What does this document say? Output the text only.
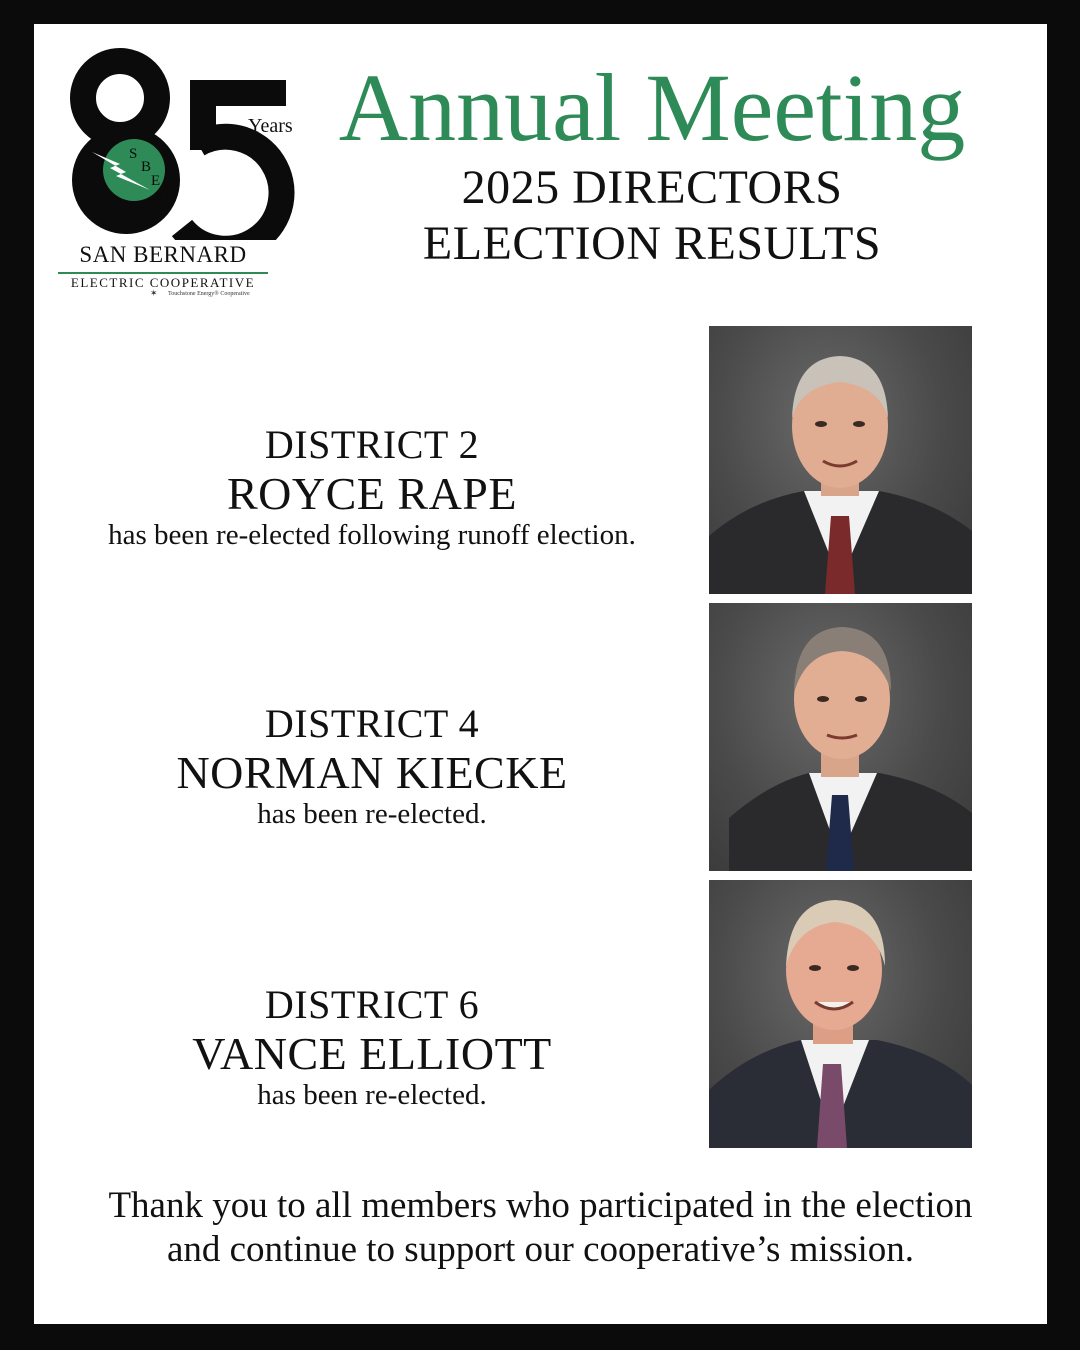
S
B
E
C
Years
SAN BERNARD
ELECTRIC COOPERATIVE
✶ Touchstone Energy® Cooperative
Annual Meeting
2025 DIRECTORS
ELECTION RESULTS
DISTRICT 2
ROYCE RAPE
has been re-elected following runoff election.
DISTRICT 4
NORMAN KIECKE
has been re-elected.
DISTRICT 6
VANCE ELLIOTT
has been re-elected.
Thank you to all members who participated in the election
and continue to support our cooperative’s mission.
